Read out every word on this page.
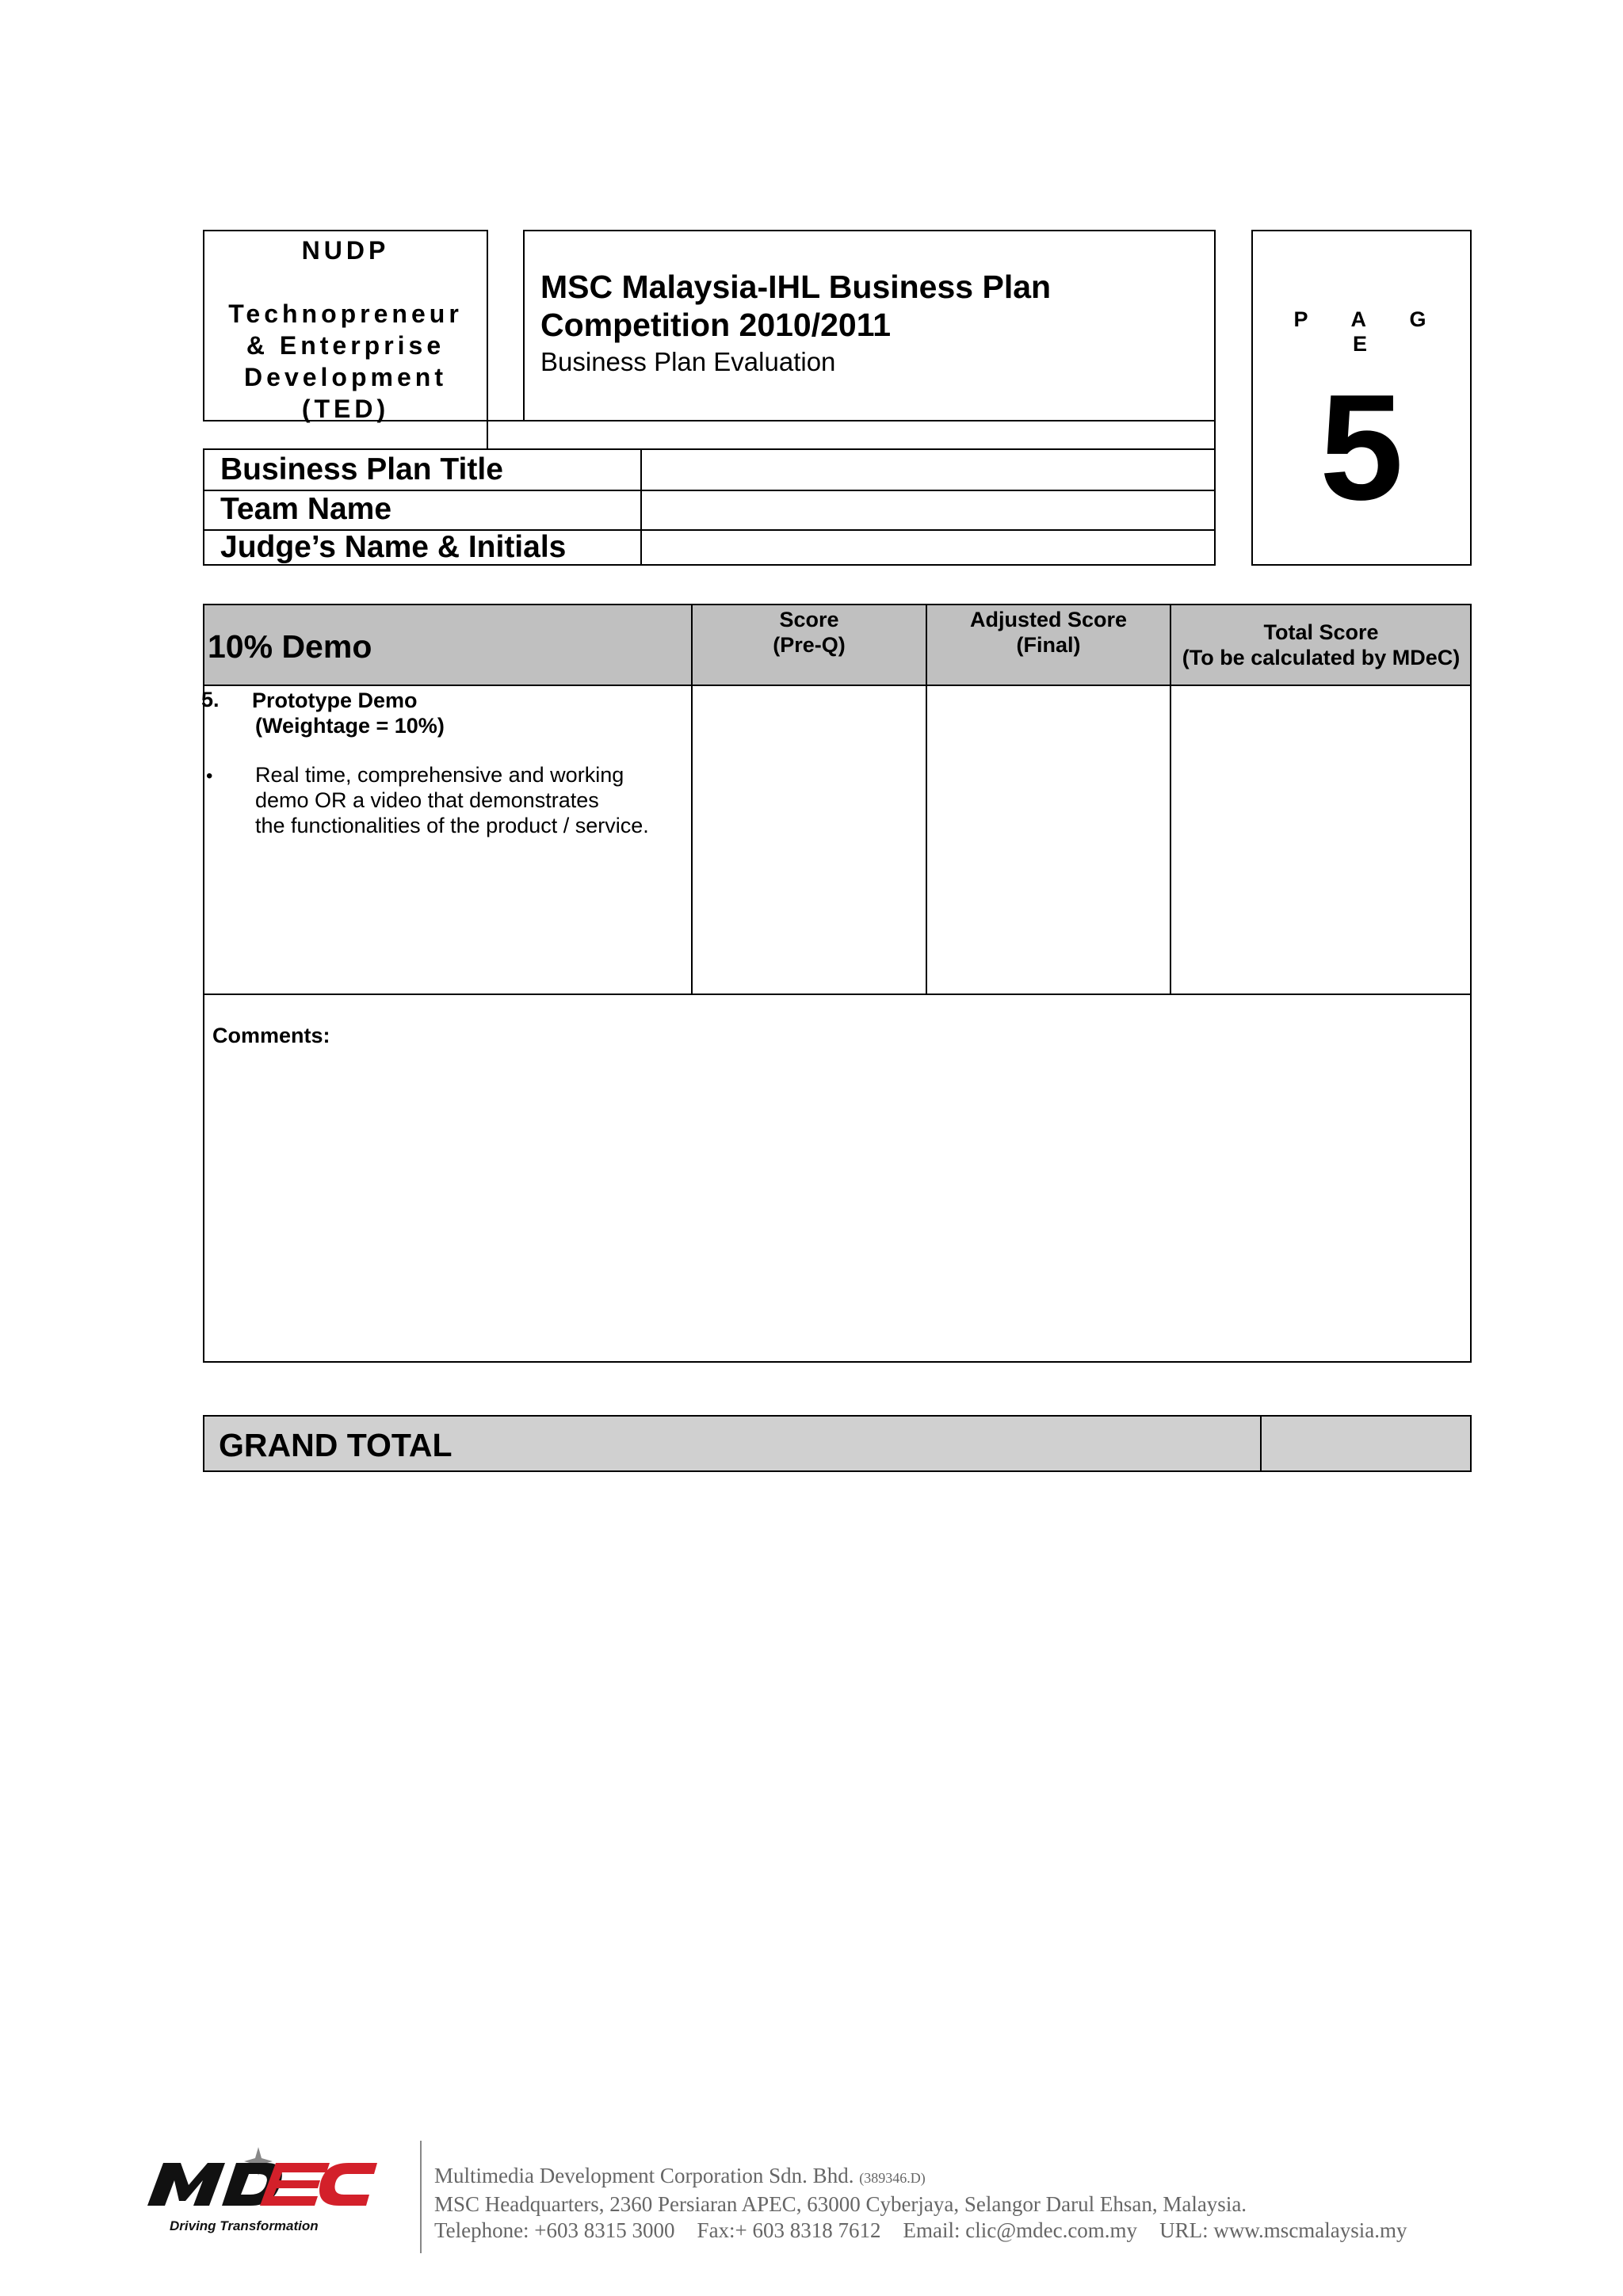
NUDP
Technopreneur
& Enterprise
Development
(TED)
MSC Malaysia-IHL Business Plan
Competition 2010/2011
Business Plan Evaluation
P A G E
5
Business Plan Title
Team Name
Judge’s Name & Initials
10% Demo
Score
(Pre-Q)
Adjusted Score
(Final)
Total Score
(To be calculated by MDeC)
5. Prototype Demo
(Weightage = 10%)
• Real time, comprehensive and working
demo OR a video that demonstrates
the functionalities of the product / service.
Comments:
GRAND TOTAL
Driving Transformation
Multimedia Development Corporation Sdn. Bhd. (389346.D)
MSC Headquarters, 2360 Persiaran APEC, 63000 Cyberjaya, Selangor Darul Ehsan, Malaysia.
Telephone: +603 8315 3000 Fax:+ 603 8318 7612 Email: clic@mdec.com.my URL: www.mscmalaysia.my
